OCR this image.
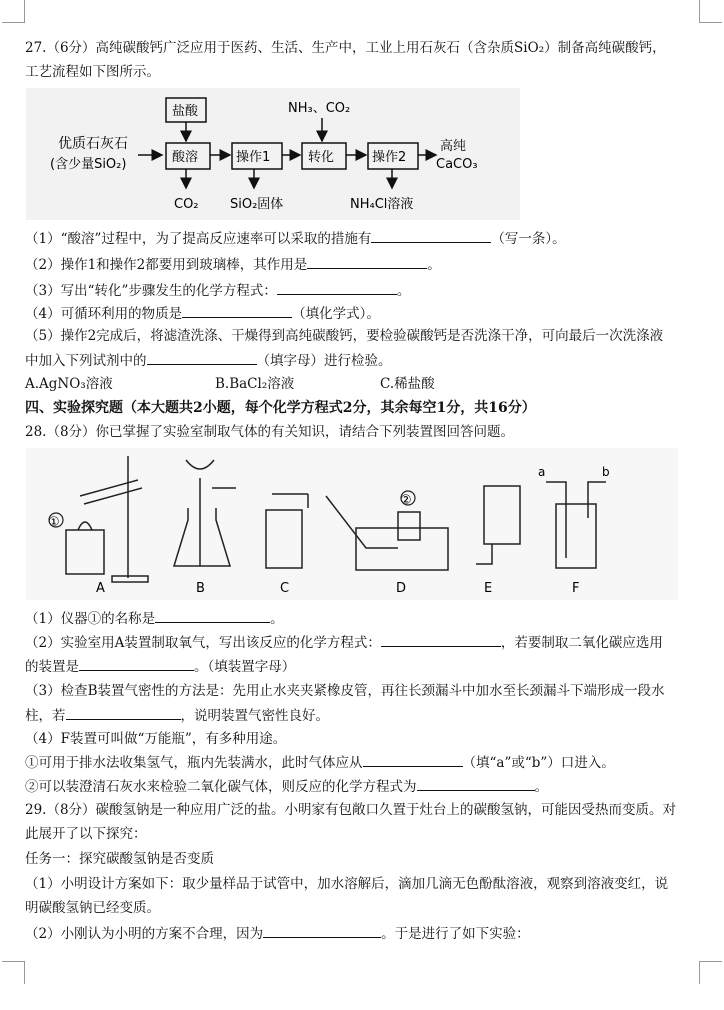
27.（6分）高纯碳酸钙广泛应用于医药、生活、生产中，工业上用石灰石（含杂质SiO₂）制备高纯碳酸钙，
工艺流程如下图所示。
优质石灰石
(含少量SiO₂)
盐酸
酸溶
CO₂
操作1
SiO₂固体
NH₃、CO₂
转化	操作2
NH₄Cl溶液
高纯
CaCO₃
（1）“酸溶”过程中，为了提高反应速率可以采取的措施有	（写一条）。
（2）操作1和操作2都要用到玻璃棒，其作用是	。
（3）写出“转化”步骤发生的化学方程式：	。
（4）可循环利用的物质是	（填化学式）。
（5）操作2完成后，将滤渣洗涤、干燥得到高纯碳酸钙，要检验碳酸钙是否洗涤干净，可向最后一次洗涤液
中加入下列试剂中的	（填字母）进行检验。
A.AgNO₃溶液	B.BaCl₂溶液	C.稀盐酸
四、实验探究题（本大题共2小题，每个化学方程式2分，其余每空1分，共16分）
28.（8分）你已掌握了实验室制取气体的有关知识，请结合下列装置图回答问题。
①
②
a	b
A	B	C	D	E	F
（1）仪器①的名称是	。
（2）实验室用A装置制取氧气，写出该反应的化学方程式：	，若要制取二氧化碳应选用
的装置是	。（填装置字母）
（3）检查B装置气密性的方法是：先用止水夹夹紧橡皮管，再往长颈漏斗中加水至长颈漏斗下端形成一段水
柱，若	，说明装置气密性良好。
（4）F装置可叫做“万能瓶”，有多种用途。
①可用于排水法收集氢气，瓶内先装满水，此时气体应从	（填“a”或“b”）口进入。
②可以装澄清石灰水来检验二氧化碳气体，则反应的化学方程式为	。
29.（8分）碳酸氢钠是一种应用广泛的盐。小明家有包敞口久置于灶台上的碳酸氢钠，可能因受热而变质。对
此展开了以下探究：
任务一：探究碳酸氢钠是否变质
（1）小明设计方案如下：取少量样品于试管中，加水溶解后，滴加几滴无色酚酞溶液，观察到溶液变红，说
明碳酸氢钠已经变质。
（2）小刚认为小明的方案不合理，因为	。于是进行了如下实验：
